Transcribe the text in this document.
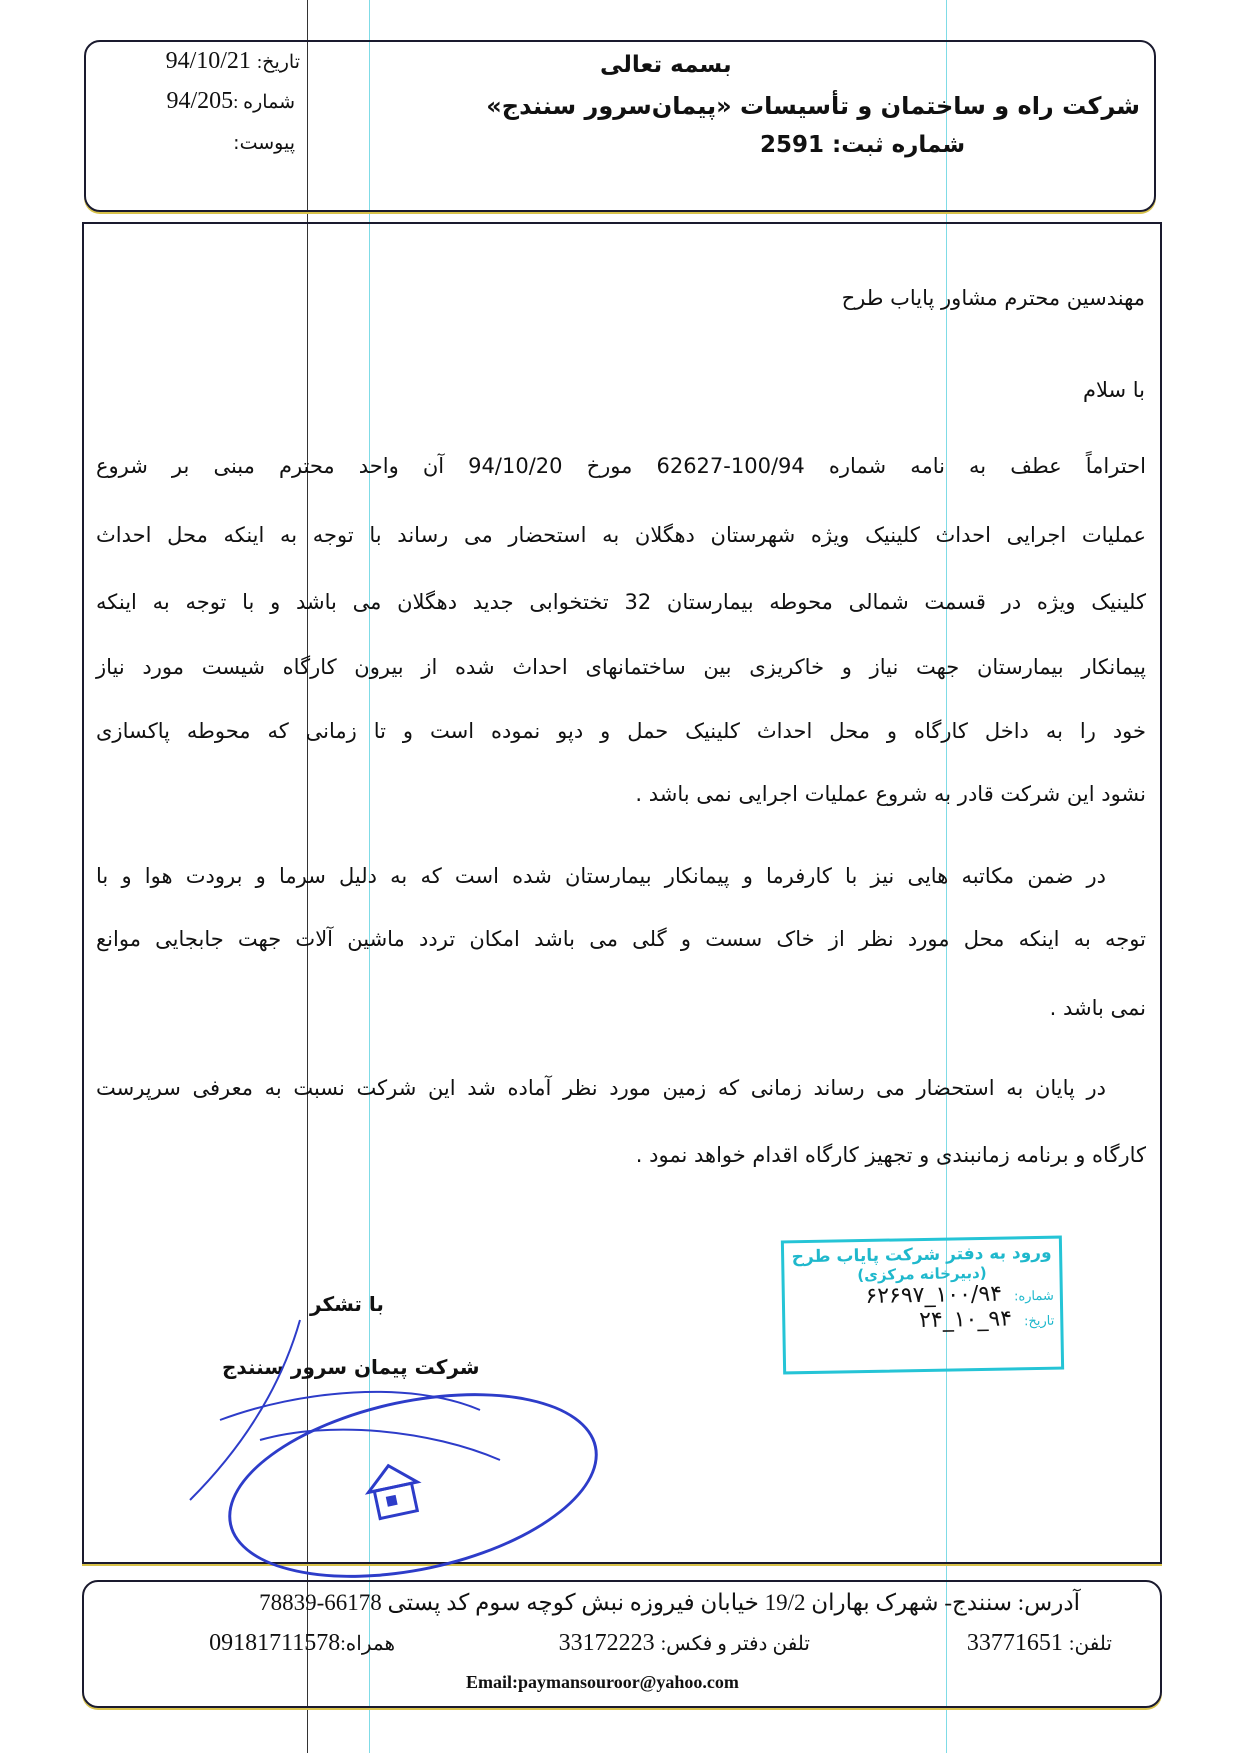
بسمه تعالی
شرکت راه و ساختمان و تأسیسات «پیمان‌سرور سنندج»
شماره ثبت: 2591
تاریخ: 94/10/21
شماره :94/205
پیوست:
مهندسین محترم مشاور پایاب طرح
با سلام
احتراماً عطف به نامه شماره 100/94-62627 مورخ 94/10/20 آن واحد محترم مبنی بر شروع
عملیات اجرایی احداث کلینیک ویژه شهرستان دهگلان به استحضار می رساند با توجه به اینکه محل احداث
کلینیک ویژه در قسمت شمالی محوطه بیمارستان 32 تختخوابی جدید دهگلان می باشد و با توجه به اینکه
پیمانکار بیمارستان جهت نیاز و خاکریزی بین ساختمانهای احداث شده از بیرون کارگاه شیست مورد نیاز
خود را به داخل کارگاه و محل احداث کلینیک حمل و دپو نموده است و تا زمانی که محوطه پاکسازی
نشود این شرکت قادر به شروع عملیات اجرایی نمی باشد .
در ضمن مکاتبه هایی نیز با کارفرما و پیمانکار بیمارستان شده است که به دلیل سرما و برودت هوا و با
توجه به اینکه محل مورد نظر از خاک سست و گلی می باشد امکان تردد ماشین آلات جهت جابجایی موانع
نمی باشد .
در پایان به استحضار می رساند زمانی که زمین مورد نظر آماده شد این شرکت نسبت به معرفی سرپرست
کارگاه و برنامه زمانبندی و تجهیز کارگاه اقدام خواهد نمود .
با تشکر
شرکت پیمان سرور سنندج
ورود به دفتر شرکت پایاب طرح
(دبیرخانه مرکزی)
شماره:
۱۰۰/۹۴_۶۲۶۹۷
تاریخ:
۹۴_۱۰_۲۴
آدرس: سنندج- شهرک بهاران 19/2 خیابان فیروزه نبش کوچه سوم کد پستی 66178-78839
تلفن: 33771651
تلفن دفتر و فکس: 33172223
همراه:09181711578
Email:paymansouroor@yahoo.com
